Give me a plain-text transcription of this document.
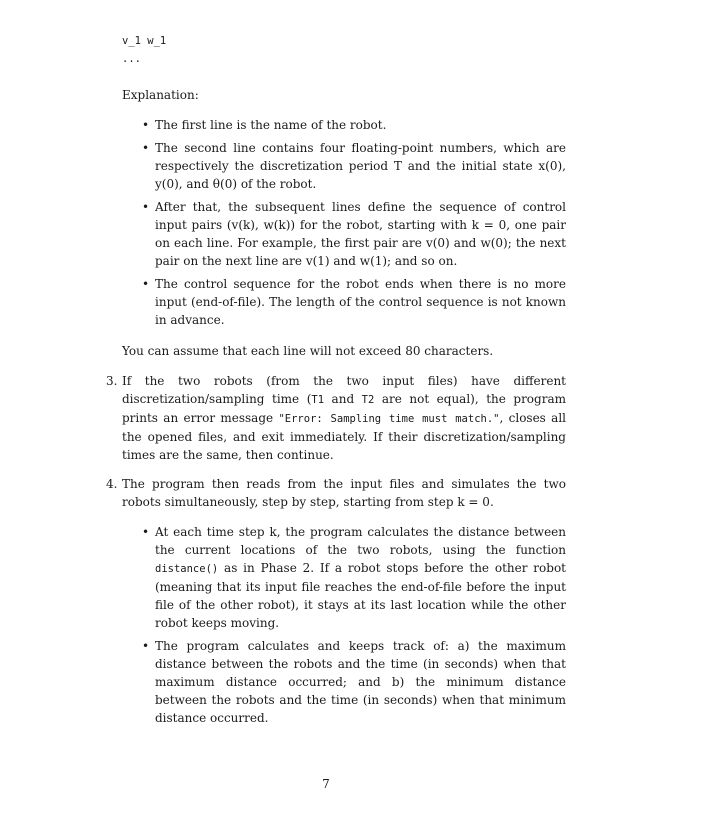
v_1 w_1
...
Explanation:
• The first line is the name of the robot.
• The second line contains four floating-point numbers, which are respectively the discretization period T and the initial state x(0), y(0), and θ(0) of the robot.
• After that, the subsequent lines define the sequence of control input pairs (v(k), w(k)) for the robot, starting with k = 0, one pair on each line. For example, the first pair are v(0) and w(0); the next pair on the next line are v(1) and w(1); and so on.
• The control sequence for the robot ends when there is no more input (end-of-file). The length of the control sequence is not known in advance.
You can assume that each line will not exceed 80 characters.
3. If the two robots (from the two input files) have different discretization/sampling time (T1 and T2 are not equal), the program prints an error message "Error: Sampling time must match.", closes all the opened files, and exit immediately. If their discretization/sampling times are the same, then continue.
4. The program then reads from the input files and simulates the two robots simultaneously, step by step, starting from step k = 0.
• At each time step k, the program calculates the distance between the current locations of the two robots, using the function distance() as in Phase 2. If a robot stops before the other robot (meaning that its input file reaches the end-of-file before the input file of the other robot), it stays at its last location while the other robot keeps moving.
• The program calculates and keeps track of: a) the maximum distance between the robots and the time (in seconds) when that maximum distance occurred; and b) the minimum distance between the robots and the time (in seconds) when that minimum distance occurred.
7
